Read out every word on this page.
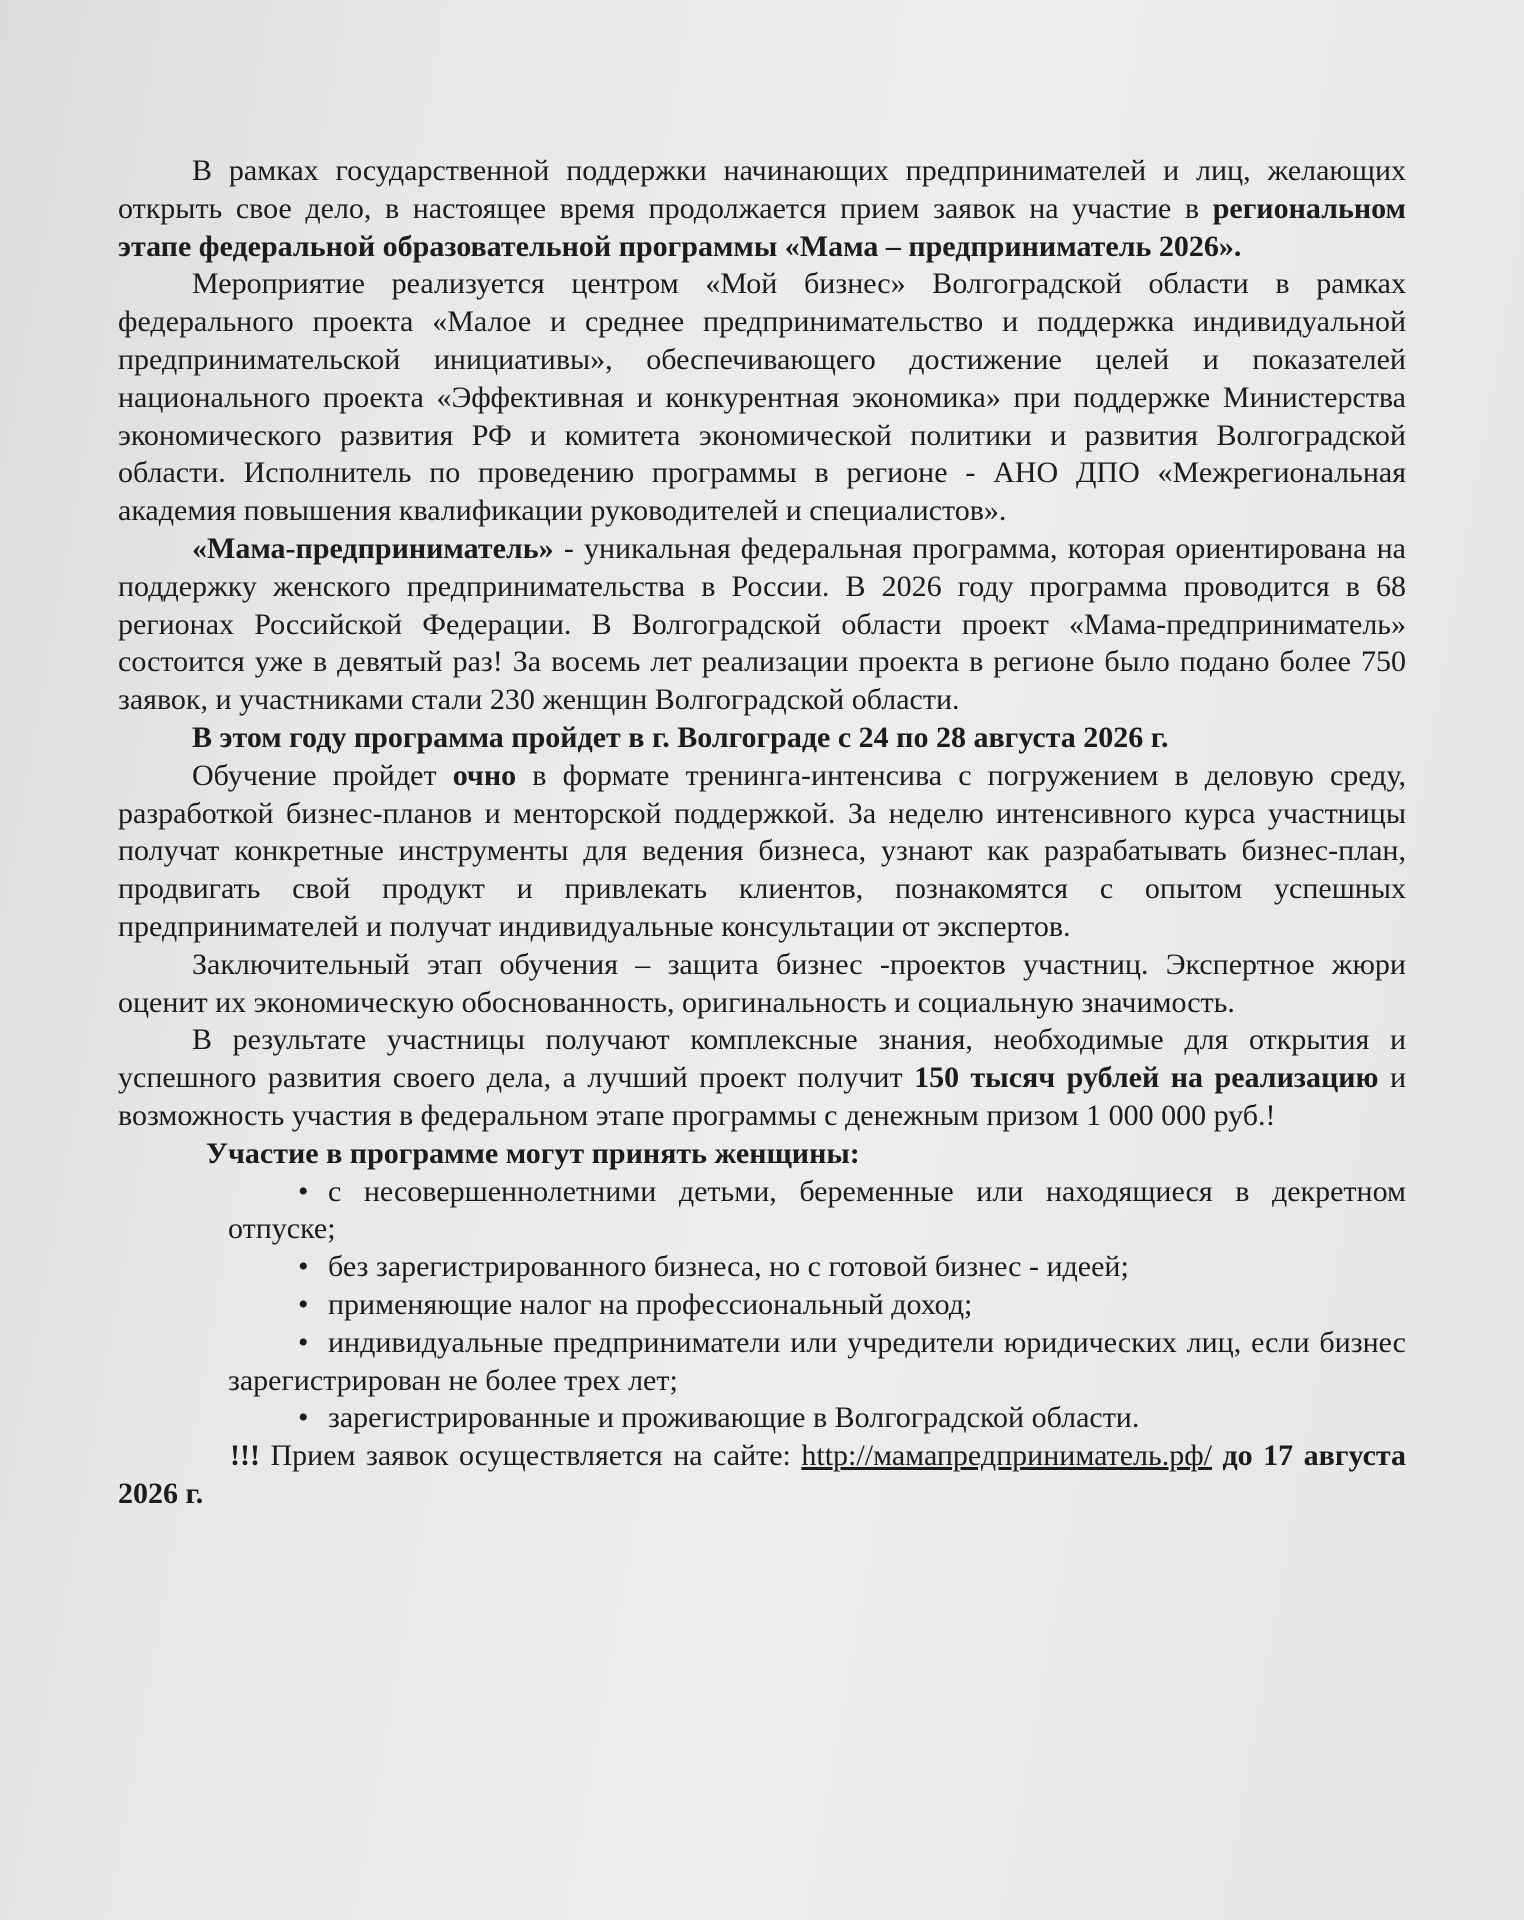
В рамках государственной поддержки начинающих предпринимателей и лиц, желающих открыть свое дело, в настоящее время продолжается прием заявок на участие в региональном этапе федеральной образовательной программы «Мама – предприниматель 2026».

Мероприятие реализуется центром «Мой бизнес» Волгоградской области в рамках федерального проекта «Малое и среднее предпринимательство и поддержка индивидуальной предпринимательской инициативы», обеспечивающего достижение целей и показателей национального проекта «Эффективная и конкурентная экономика» при поддержке Министерства экономического развития РФ и комитета экономической политики и развития Волгоградской области. Исполнитель по проведению программы в регионе - АНО ДПО «Межрегиональная академия повышения квалификации руководителей и специалистов».

«Мама-предприниматель» - уникальная федеральная программа, которая ориентирована на поддержку женского предпринимательства в России. В 2026 году программа проводится в 68 регионах Российской Федерации. В Волгоградской области проект «Мама-предприниматель» состоится уже в девятый раз! За восемь лет реализации проекта в регионе было подано более 750 заявок, и участниками стали 230 женщин Волгоградской области.

В этом году программа пройдет в г. Волгограде с 24 по 28 августа 2026 г.

Обучение пройдет очно в формате тренинга-интенсива с погружением в деловую среду, разработкой бизнес-планов и менторской поддержкой. За неделю интенсивного курса участницы получат конкретные инструменты для ведения бизнеса, узнают как разрабатывать бизнес-план, продвигать свой продукт и привлекать клиентов, познакомятся с опытом успешных предпринимателей и получат индивидуальные консультации от экспертов.

Заключительный этап обучения – защита бизнес -проектов участниц. Экспертное жюри оценит их экономическую обоснованность, оригинальность и социальную значимость.

В результате участницы получают комплексные знания, необходимые для открытия и успешного развития своего дела, а лучший проект получит 150 тысяч рублей на реализацию и возможность участия в федеральном этапе программы с денежным призом 1 000 000 руб.!

Участие в программе могут принять женщины:

• с несовершеннолетними детьми, беременные или находящиеся в декретном отпуске;
• без зарегистрированного бизнеса, но с готовой бизнес - идеей;
• применяющие налог на профессиональный доход;
• индивидуальные предприниматели или учредители юридических лиц, если бизнес зарегистрирован не более трех лет;
• зарегистрированные и проживающие в Волгоградской области.

!!! Прием заявок осуществляется на сайте: http://мамапредприниматель.рф/ до 17 августа 2026 г.
